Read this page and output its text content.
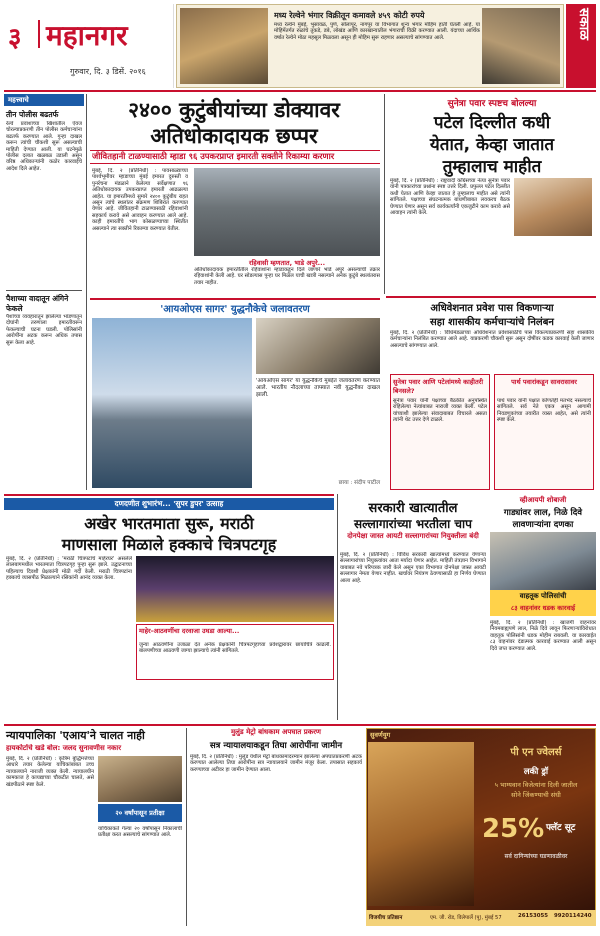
३ महानगर
गुरुवार, दि. ३ डिसें. २०१६
मध्य रेल्वेने भंगार विक्रीतून कमावले ४५९ कोटी रुपये
मध्य रेल्वेने मुंबई, भुसावळ, पुणे, सोलापूर, नागपूर या विभागात शून्य भंगार मोहिम हाती घेतली आहे. या मोहिमेंतर्गत रुळांचे तुकडे, डबे, लोखंड आणि कारखान्यातील भंगाराची विक्री करण्यात आली. यंदाच्या आर्थिक वर्षात रेल्वेने मोठा महसूल मिळवला असून ही मोहिम सुरू राहणार असल्याचे सांगण्यात आले.	सकाळ
महत्त्वाचे
तीन पोलीस बढतर्फ
रेल्वे प्रवाशाच्या खिशातील ऐवज चोरल्याप्रकरणी तीन पोलीस कर्मचाऱ्यांना बढतर्फ करण्यात आले. गुन्हा दाखल करून त्यांची चौकशी सुरू असल्याची माहिती देण्यात आली. या घटनेमुळे पोलीस दलात खळबळ उडाली असून वरिष्ठ अधिकाऱ्यांनी कठोर कारवाईचे आदेश दिले आहेत.
पैशाच्या वादातून अंगिने फेकले
पैशांच्या व्यवहारातून झालेल्या भांडणातून दोघांनी तरुणाला इमारतीवरून फेकल्याची घटना घडली. पोलिसांनी आरोपींना अटक करून अधिक तपास सुरू केला आहे.
२४०० कुटुंबीयांच्या डोक्यावर
अतिधोकादायक छप्पर
जीवितहानी टाळण्यासाठी म्हाडा ९६ उपकरप्राप्त इमारती सक्तीने रिकाम्या करणार
मुंबई, दि. २ (प्रतिनिधी) : पावसाळ्याच्या पार्श्वभूमीवर म्हाडाच्या मुंबई इमारत दुरुस्ती व पुनर्रचना मंडळाने केलेल्या सर्वेक्षणात ९६ अतिधोकादायक उपकरप्राप्त इमारती आढळल्या आहेत. या इमारतींमध्ये सुमारे २४०० कुटुंबीय राहत असून त्यांचे स्थलांतर संक्रमण शिबिरात करण्यात येणार आहे. जीवितहानी टाळण्यासाठी रहिवाशांनी सहकार्य करावे असे आवाहन करण्यात आले आहे. काही इमारतींचे भाग कोसळण्याच्या स्थितीत असल्याने त्या सक्तीने रिकाम्या करण्यात येतील.
रहिवासी म्हणतात, भाडे अपुरे...
अतिधोकादायक इमारतींतील रहिवाशांना म्हाडाकडून दिले जाणारे भाडे अपुरे असल्याची तक्रार रहिवाशांनी केली आहे. घर सोडल्यास पुन्हा घर मिळेल याची खात्री नसल्याने अनेक कुटुंबे स्थलांतरास तयार नाहीत.
सुनेत्रा पवार स्पष्टच बोलल्या
पटेल दिल्लीत कधी
येतात, केव्हा जातात
तुम्हालाच माहीत
मुंबई, दि. २ (प्रतिनिधी) : राष्ट्रवादी काँग्रेसच्या नेत्या सुनेत्रा पवार यांनी पत्रकारांच्या प्रश्नांना स्पष्ट उत्तरे दिली. प्रफुल्ल पटेल दिल्लीत कधी येतात आणि केव्हा जातात हे तुम्हालाच माहीत असे त्यांनी सांगितले. पक्षाच्या संघटनात्मक बांधणीबाबत लवकरच बैठक घेण्यात येणार असून सर्व कार्यकर्त्यांनी एकजुटीने काम करावे असे आवाहन त्यांनी केले.
'आयओएस सागर' युद्धनौकेचे जलावतरण
'आयओएस सागर' या युद्धनौकेचे मुंबईत जलावतरण करण्यात आले. भारतीय नौदलाच्या ताफ्यात नवी युद्धनौका दाखल झाली.
छाया : संदीप पाटील
अधिवेशनात प्रवेश पास विकणाऱ्या
सहा शासकीय कर्मचाऱ्यांचे निलंबन
मुंबई, दि. २ (प्रतिनिधी) : विधिमंडळाच्या अधिवेशनात प्रवेशासाठीचे पास विकल्याप्रकरणी सहा शासकीय कर्मचाऱ्यांना निलंबित करण्यात आले आहे. याप्रकरणी चौकशी सुरू असून दोषींवर कडक कारवाई केली जाणार असल्याचे सांगण्यात आले.
सुनेत्रा पवार आणि पटेलांमध्ये काहीतरी बिनसले?
सुनेत्रा पवार यांनी पक्षाच्या बैठकीत अनुपस्थित राहिलेल्या नेत्यांबाबत नाराजी व्यक्त केली. पटेल यांच्याशी झालेल्या संवादाबाबत विचारले असता त्यांनी थेट उत्तर देणे टाळले.
पार्थ पवारांकडून सावरासावर
पार्थ पवार यांनी पक्षात कोणतेही मतभेद नसल्याचे सांगितले. सर्व नेते एकत्र असून आगामी निवडणुकांच्या तयारीत व्यस्त आहेत, असे त्यांनी स्पष्ट केले.
दणदणीत शुभारंभ... 'सुपर डुपर' उत्साह
अखेर भारतमाता सुरू, मराठी
माणसाला मिळाले हक्काचे चित्रपटगृह
मुंबई, दि. २ (प्रतिनिधी) : 'मराठी चित्रपटांचे माहेरघर' असलेले लालबागमधील भारतमाता चित्रपटगृह पुन्हा सुरू झाले. उद्घाटनाच्या पहिल्याच दिवशी प्रेक्षकांनी मोठी गर्दी केली. मराठी चित्रपटांना हक्काचे व्यासपीठ मिळाल्याने रसिकांनी आनंद व्यक्त केला.
माहेर-आठवणींचा दरवाजा उघडा आल्या...
जुन्या आठवणींना उजाळा देत अनेक प्रेक्षकांनी चित्रपटगृहाच्या प्रवेशद्वारावर छायाचित्रे काढली. बालपणीच्या आठवणी जाग्या झाल्याचे त्यांनी सांगितले.
सरकारी खात्यातील
सल्लागारांच्या भरतीला चाप
दोनपेक्षा जास्त आयटी सल्लागारांच्या नियुक्तीला बंदी
मुंबई, दि. २ (प्रतिनिधी) : विविध सरकारी खात्यांमध्ये करण्यात येणाऱ्या सल्लागारांच्या नियुक्त्यांवर आता मर्यादा येणार आहेत. माहिती तंत्रज्ञान विभागाने याबाबत नवे परिपत्रक जारी केले असून एका विभागात दोनपेक्षा जास्त आयटी सल्लागार नेमता येणार नाहीत. खर्चावर नियंत्रण ठेवण्यासाठी हा निर्णय घेण्यात आला आहे.
व्हीआयपी शोबाजी
गाड्यांवर लाल, निळे दिवे
लावणाऱ्यांना दणका
वाहतूक पोलिसांची
८३ वाहनांवर धडक कारवाई
मुंबई, दि. २ (प्रतिनिधी) : खाजगी वाहनांवर नियमबाह्यपणे लाल, निळे दिवे लावून फिरणाऱ्यांविरोधात वाहतूक पोलिसांनी धडक मोहीम राबवली. या कारवाईत ८३ वाहनांवर दंडात्मक कारवाई करण्यात आली असून दिवे जप्त करण्यात आले.
न्यायपालिका 'एआय'ने चालत नाही
हायकोर्टाचे खडे बोल: जलद सुनावणीस नकार
मुंबई, दि. २ (प्रतिनिधी) : कृत्रिम बुद्धिमत्तेच्या आधारे तयार केलेल्या याचिकांबाबत उच्च न्यायालयाने नाराजी व्यक्त केली. न्यायालयीन कामकाज हे कायद्याच्या चौकटीत चालते, असे खंडपीठाने स्पष्ट केले.
२० वर्षांपासून प्रतीक्षा
याचिकाकर्ते गेल्या २० वर्षांपासून निकालाची प्रतीक्षा करत असल्याचे सांगण्यात आले.
मुलुंड मेट्रो बांधकाम अपघात प्रकरण
सत्र न्यायालयाकडून तिघा आरोपींना जामीन
मुंबई, दि. २ (प्रतिनिधी) : मुलुंड येथील मेट्रो बांधकामादरम्यान झालेल्या अपघातप्रकरणी अटक करण्यात आलेल्या तिघा आरोपींना सत्र न्यायालयाने जामीन मंजूर केला. तपासात सहकार्य करण्याच्या अटीवर हा जामीन देण्यात आला.
सुवर्णयुग
पी एन ज्वेलर्स
लकी ड्रॉ
५ भाग्यवान विजेत्यांना दिली जातील
सोने जिंकण्याची संधी
25% फ्लॅट सूट
सर्व दागिन्यांच्या घडणावळीवर
विजयीच प्रतिष्ठान	एम. जी. रोड, विलेपार्ले (पू), मुंबई 57	26153055	9920114240
